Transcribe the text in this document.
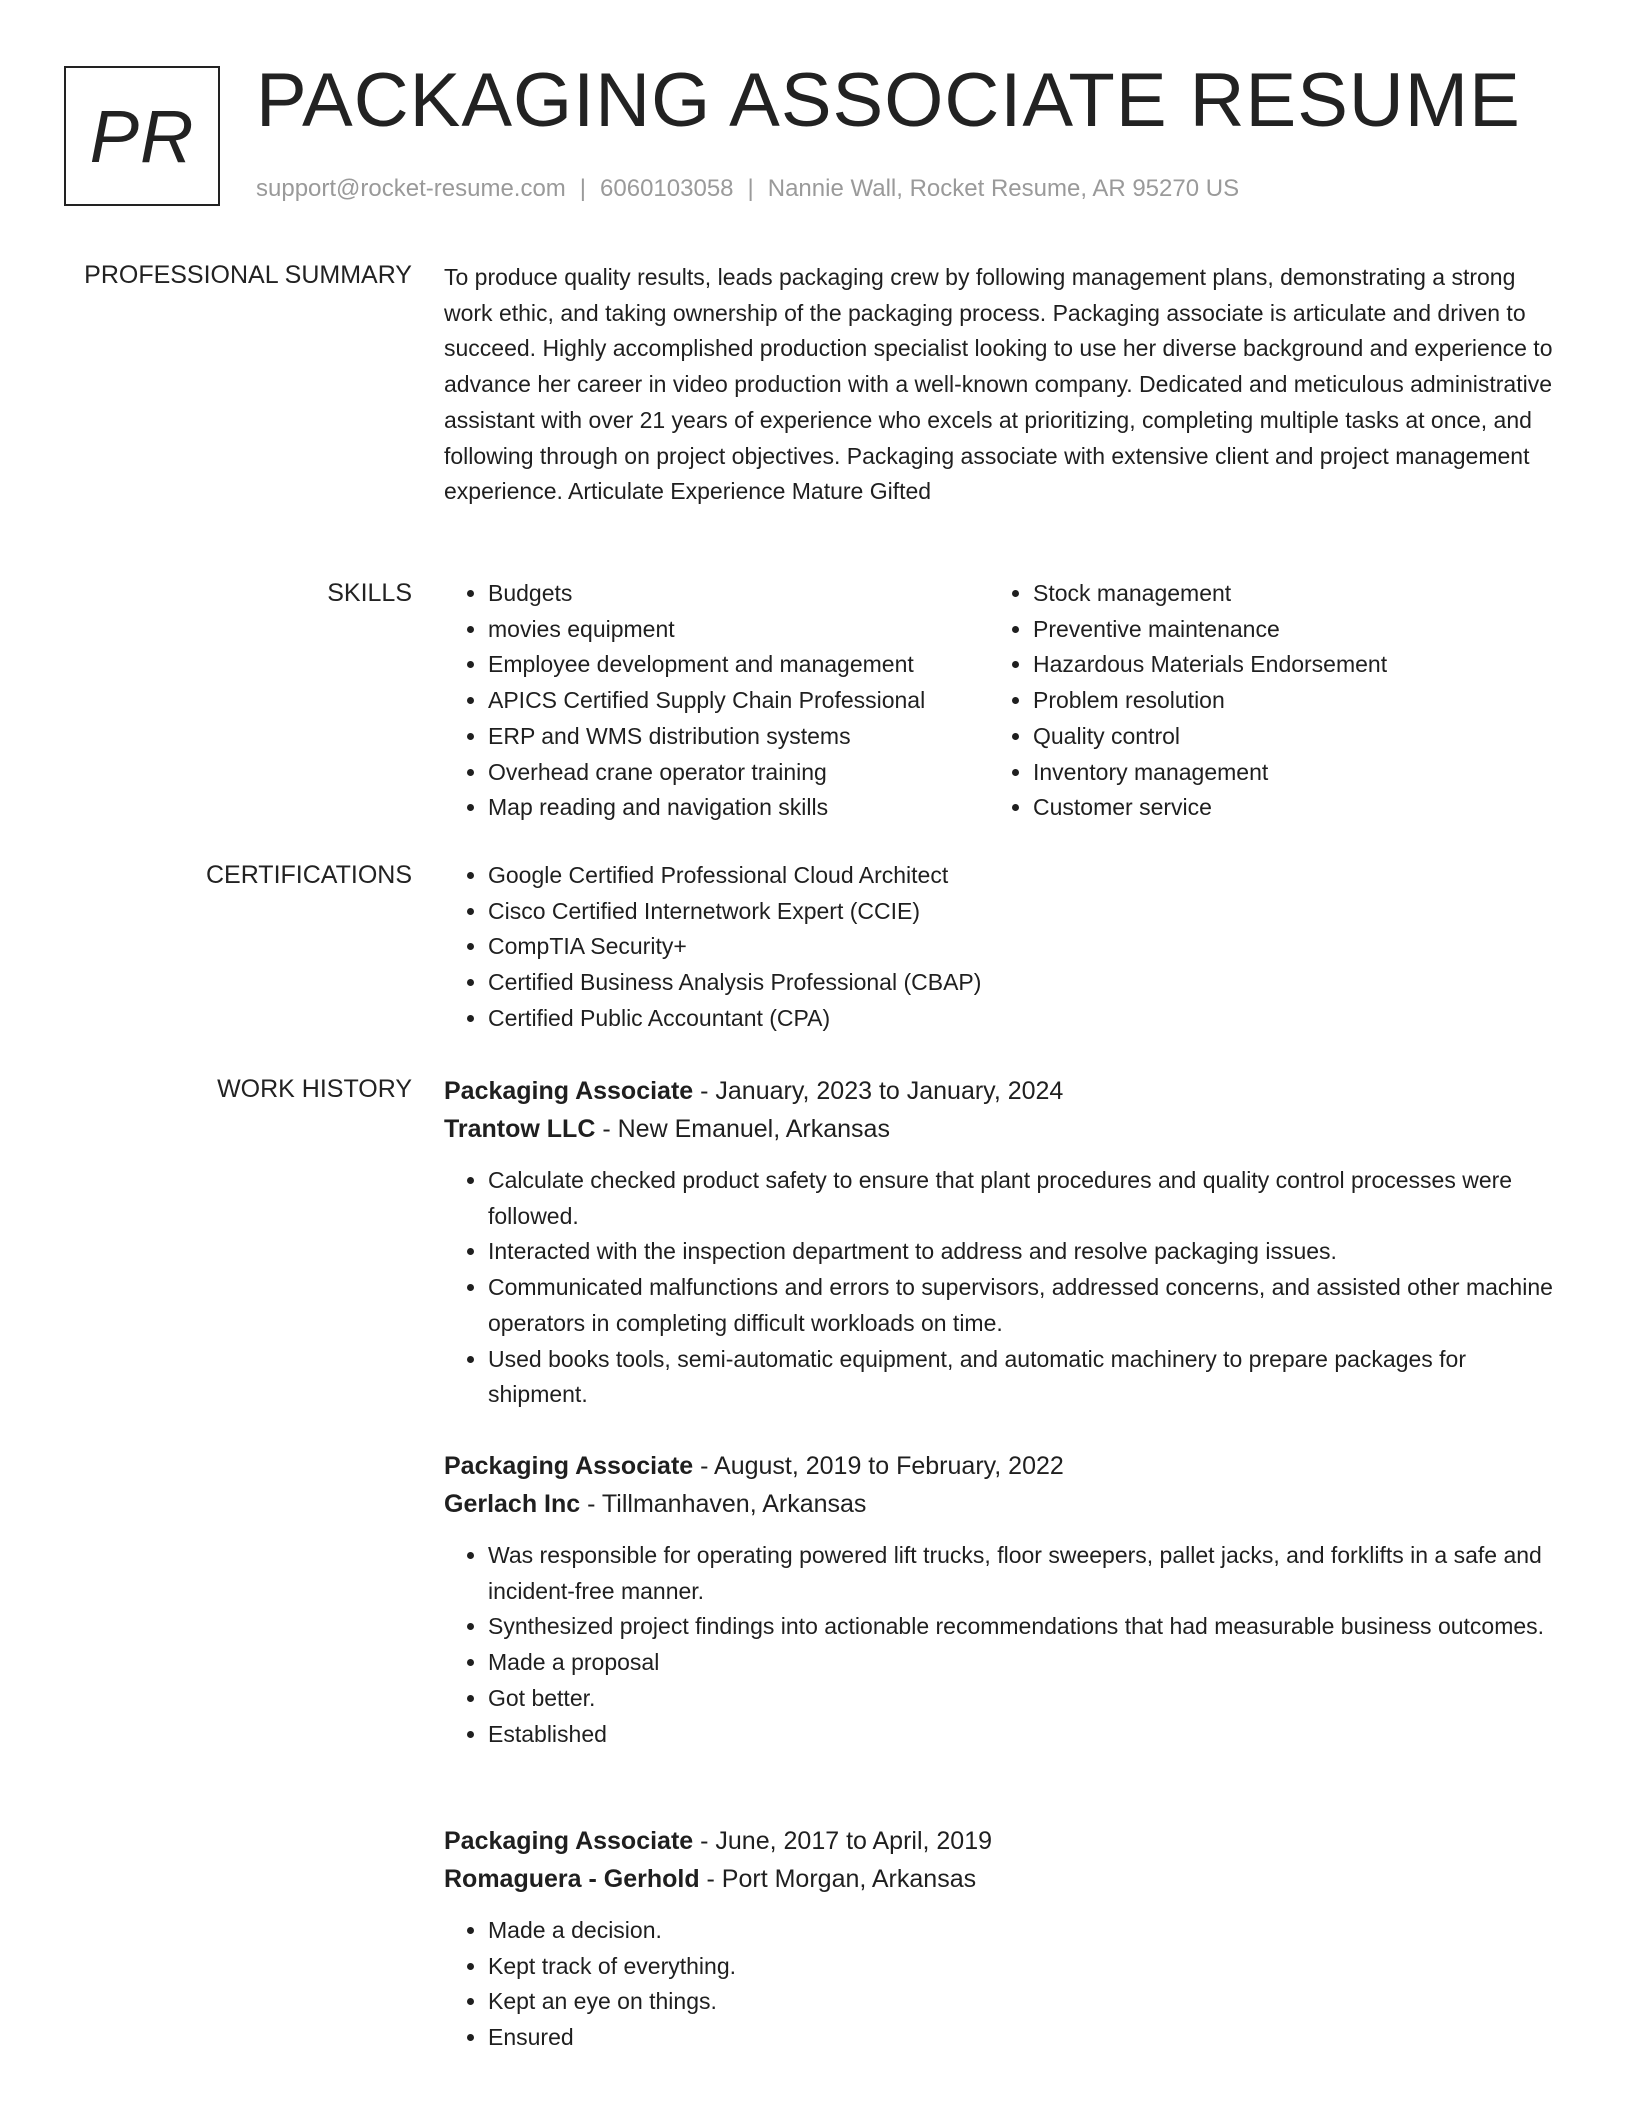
PR PACKAGING ASSOCIATE RESUME
support@rocket-resume.com | 6060103058 | Nannie Wall, Rocket Resume, AR 95270 US
PROFESSIONAL SUMMARY To produce quality results, leads packaging crew by following management plans, demonstrating a strong work ethic, and taking ownership of the packaging process. Packaging associate is articulate and driven to succeed. Highly accomplished production specialist looking to use her diverse background and experience to advance her career in video production with a well-known company. Dedicated and meticulous administrative assistant with over 21 years of experience who excels at prioritizing, completing multiple tasks at once, and following through on project objectives. Packaging associate with extensive client and project management experience. Articulate Experience Mature Gifted

SKILLS	• Budgets
• movies equipment
• Employee development and management
• APICS Certified Supply Chain Professional
• ERP and WMS distribution systems
• Overhead crane operator training
• Map reading and navigation skills
• Stock management
• Preventive maintenance
• Hazardous Materials Endorsement
• Problem resolution
• Quality control
• Inventory management
• Customer service
CERTIFICATIONS	• Google Certified Professional Cloud Architect
• Cisco Certified Internetwork Expert (CCIE)
• CompTIA Security+
• Certified Business Analysis Professional (CBAP)
• Certified Public Accountant (CPA)
WORK HISTORY Packaging Associate - January, 2023 to January, 2024
Trantow LLC - New Emanuel, Arkansas
• Calculate checked product safety to ensure that plant procedures and quality control processes were followed.
• Interacted with the inspection department to address and resolve packaging issues.
• Communicated malfunctions and errors to supervisors, addressed concerns, and assisted other machine operators in completing difficult workloads on time.
• Used books tools, semi-automatic equipment, and automatic machinery to prepare packages for shipment.
Packaging Associate - August, 2019 to February, 2022
Gerlach Inc - Tillmanhaven, Arkansas
• Was responsible for operating powered lift trucks, floor sweepers, pallet jacks, and forklifts in a safe and incident-free manner.
• Synthesized project findings into actionable recommendations that had measurable business outcomes.
• Made a proposal
• Got better.
• Established
Packaging Associate - June, 2017 to April, 2019
Romaguera - Gerhold - Port Morgan, Arkansas
• Made a decision.
• Kept track of everything.
• Kept an eye on things.
• Ensured
